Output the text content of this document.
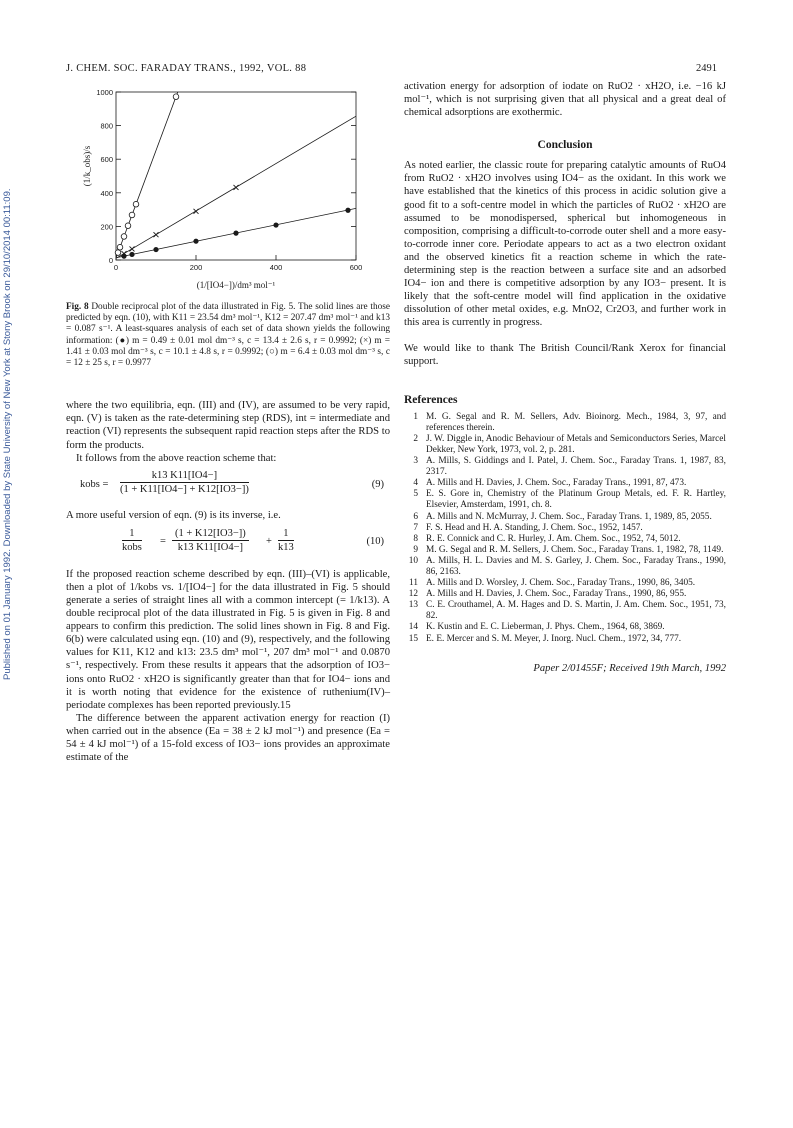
Published on 01 January 1992. Downloaded by State University of New York at Stony Brook on 29/10/2014 00:11:09.
J. CHEM. SOC. FARADAY TRANS., 1992, VOL. 88	2491
0
200
400
600
800
1000
0	200	400	600
(1/[IO4−])/dm³ mol⁻¹
(1/k_obs)/s

Fig. 8 Double reciprocal plot of the data illustrated in Fig. 5. The solid lines are those predicted by eqn. (10), with K11 = 23.54 dm³ mol⁻¹, K12 = 207.47 dm³ mol⁻¹ and k13 = 0.087 s⁻¹. A least-squares analysis of each set of data shown yields the following information: (●) m = 0.49 ± 0.01 mol dm⁻³ s, c = 13.4 ± 2.6 s, r = 0.9992; (×) m = 1.41 ± 0.03 mol dm⁻³ s, c = 10.1 ± 4.8 s, r = 0.9992; (○) m = 6.4 ± 0.03 mol dm⁻³ s, c = 12 ± 25 s, r = 0.9977

where the two equilibria, eqn. (III) and (IV), are assumed to be very rapid, eqn. (V) is taken as the rate-determining step (RDS), int = intermediate and reaction (VI) represents the subsequent rapid reaction steps after the RDS to form the products.

It follows from the above reaction scheme that:

kobs = $\frac{k13 K11[IO4-]}{(1 + K11[IO4-] + K12[IO3-])}$	(9)

A more useful version of eqn. (9) is its inverse, i.e.

1
kobs
= $\frac{(1 + K12[IO3-])}{k13 K11[IO4-]} + \frac{1}{k13}$	(10)

If the proposed reaction scheme described by eqn. (III)–(VI) is applicable, then a plot of 1/kobs vs. 1/[IO4−] for the data illustrated in Fig. 5 should generate a series of straight lines all with a common intercept (= 1/k13). A double reciprocal plot of the data illustrated in Fig. 5 is given in Fig. 8 and appears to confirm this prediction. The solid lines shown in Fig. 8 and Fig. 6(b) were calculated using eqn. (10) and (9), respectively, and the following values for K11, K12 and k13: 23.5 dm³ mol⁻¹, 207 dm³ mol⁻¹ and 0.0870 s⁻¹, respectively. From these results it appears that the adsorption of IO3− ions onto RuO2 · xH2O is significantly greater than that for IO4− ions and it is worth noting that evidence for the existence of ruthenium(IV)–periodate complexes has been reported previously.15

The difference between the apparent activation energy for reaction (I) when carried out in the absence (Ea = 38 ± 2 kJ mol⁻¹) and presence (Ea = 54 ± 4 kJ mol⁻¹) of a 15-fold excess of IO3− ions provides an approximate estimate of the

activation energy for adsorption of iodate on RuO2 · xH2O, i.e. −16 kJ mol⁻¹, which is not surprising given that all physical and a great deal of chemical adsorptions are exothermic.

Conclusion

As noted earlier, the classic route for preparing catalytic amounts of RuO4 from RuO2 · xH2O involves using IO4− as the oxidant. In this work we have established that the kinetics of this process in acidic solution give a good fit to a soft-centre model in which the particles of RuO2 · xH2O are assumed to be monodispersed, spherical but inhomogeneous in composition, comprising a difficult-to-corrode outer shell and a more easy-to-corrode inner core. Periodate appears to act as a two electron oxidant and the observed kinetics fit a reaction scheme in which the rate-determining step is the reaction between a surface site and an adsorbed IO4− ion and there is competitive adsorption by any IO3− present. It is likely that the soft-centre model will find application in the oxidative dissolution of other metal oxides, e.g. MnO2, Cr2O3, and further work in this area is currently in progress.

We would like to thank The British Council/Rank Xerox for financial support.

References

1 M. G. Segal and R. M. Sellers, Adv. Bioinorg. Mech., 1984, 3, 97, and references therein.
2 J. W. Diggle in, Anodic Behaviour of Metals and Semiconductors Series, Marcel Dekker, New York, 1973, vol. 2, p. 281.
3 A. Mills, S. Giddings and I. Patel, J. Chem. Soc., Faraday Trans. 1, 1987, 83, 2317.
4 A. Mills and H. Davies, J. Chem. Soc., Faraday Trans., 1991, 87, 473.
5 E. S. Gore in, Chemistry of the Platinum Group Metals, ed. F. R. Hartley, Elsevier, Amsterdam, 1991, ch. 8.
6 A. Mills and N. McMurray, J. Chem. Soc., Faraday Trans. 1, 1989, 85, 2055.
7 F. S. Head and H. A. Standing, J. Chem. Soc., 1952, 1457.
8 R. E. Connick and C. R. Hurley, J. Am. Chem. Soc., 1952, 74, 5012.
9 M. G. Segal and R. M. Sellers, J. Chem. Soc., Faraday Trans. 1, 1982, 78, 1149.
10 A. Mills, H. L. Davies and M. S. Garley, J. Chem. Soc., Faraday Trans., 1990, 86, 2163.
11 A. Mills and D. Worsley, J. Chem. Soc., Faraday Trans., 1990, 86, 3405.
12 A. Mills and H. Davies, J. Chem. Soc., Faraday Trans., 1990, 86, 955.
13 C. E. Crouthamel, A. M. Hages and D. S. Martin, J. Am. Chem. Soc., 1951, 73, 82.
14 K. Kustin and E. C. Lieberman, J. Phys. Chem., 1964, 68, 3869.
15 E. E. Mercer and S. M. Meyer, J. Inorg. Nucl. Chem., 1972, 34, 777.

Paper 2/01455F; Received 19th March, 1992
